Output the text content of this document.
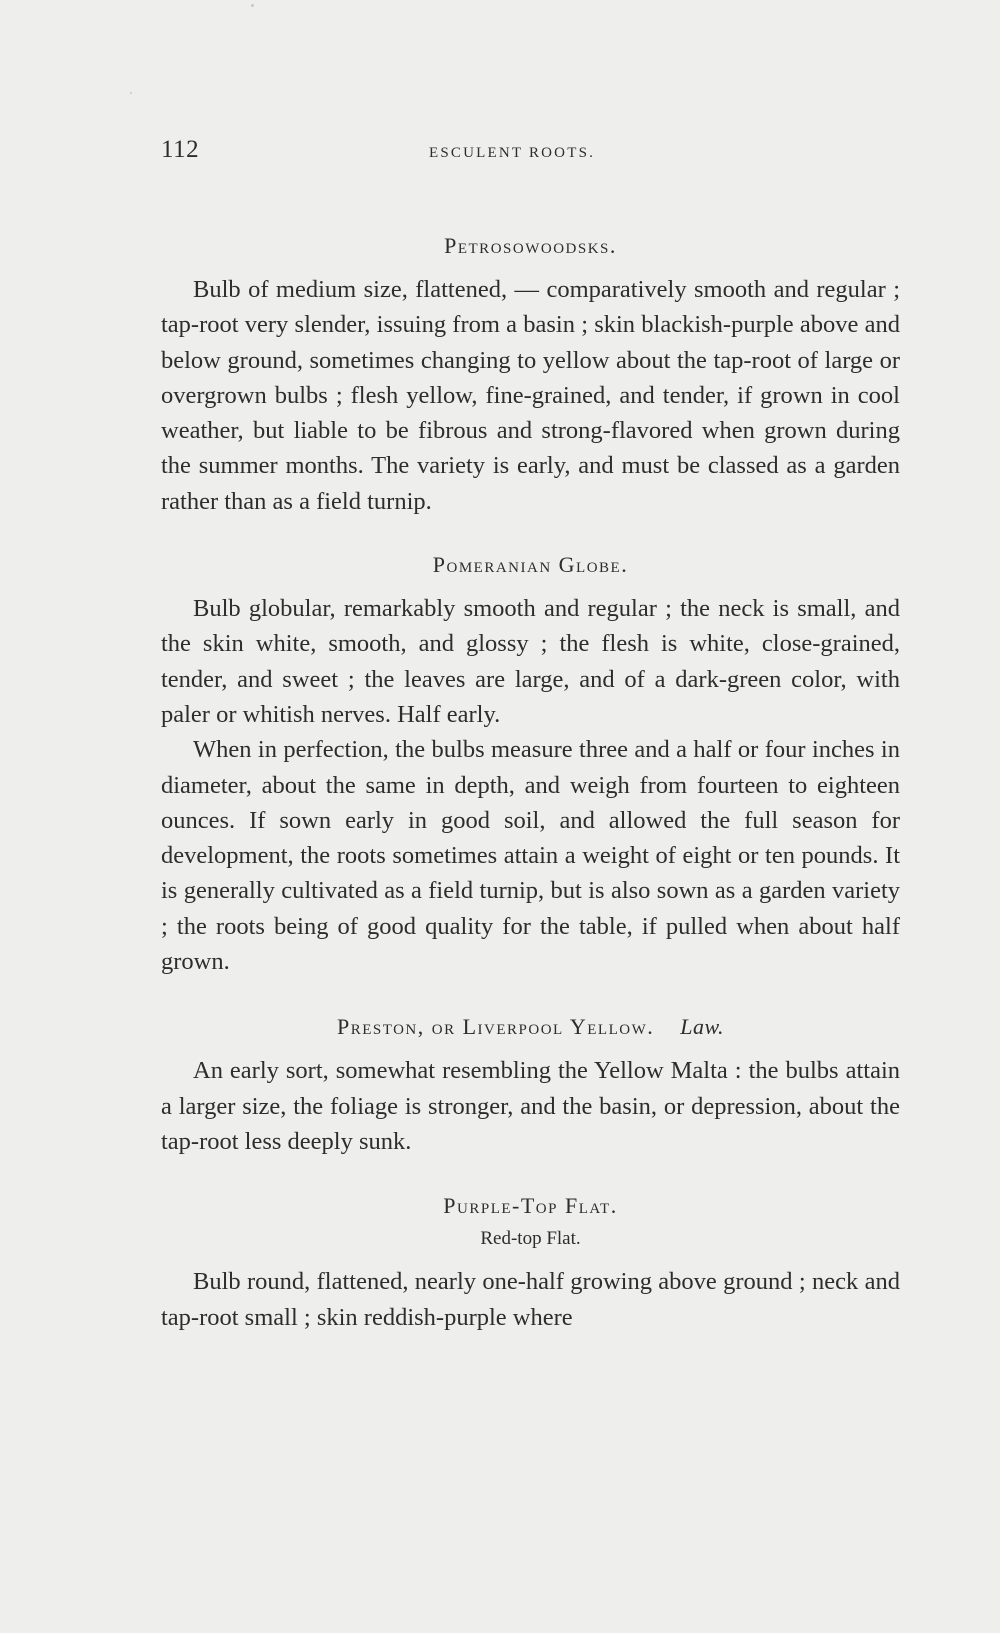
112	ESCULENT ROOTS.
Petrosowoodsks.

Bulb of medium size, flattened, — comparatively smooth and regular ; tap-root very slender, issuing from a basin ; skin blackish-purple above and below ground, sometimes changing to yellow about the tap-root of large or overgrown bulbs ; flesh yellow, fine-grained, and tender, if grown in cool weather, but liable to be fibrous and strong-flavored when grown during the summer months. The variety is early, and must be classed as a garden rather than as a field turnip.

Pomeranian Globe.

Bulb globular, remarkably smooth and regular ; the neck is small, and the skin white, smooth, and glossy ; the flesh is white, close-grained, tender, and sweet ; the leaves are large, and of a dark-green color, with paler or whitish nerves. Half early.

When in perfection, the bulbs measure three and a half or four inches in diameter, about the same in depth, and weigh from fourteen to eighteen ounces. If sown early in good soil, and allowed the full season for development, the roots sometimes attain a weight of eight or ten pounds. It is generally cultivated as a field turnip, but is also sown as a garden variety ; the roots being of good quality for the table, if pulled when about half grown.

Preston, or Liverpool Yellow. Law.

An early sort, somewhat resembling the Yellow Malta : the bulbs attain a larger size, the foliage is stronger, and the basin, or depression, about the tap-root less deeply sunk.

Purple-Top Flat.
Red-top Flat.

Bulb round, flattened, nearly one-half growing above ground ; neck and tap-root small ; skin reddish-purple where
